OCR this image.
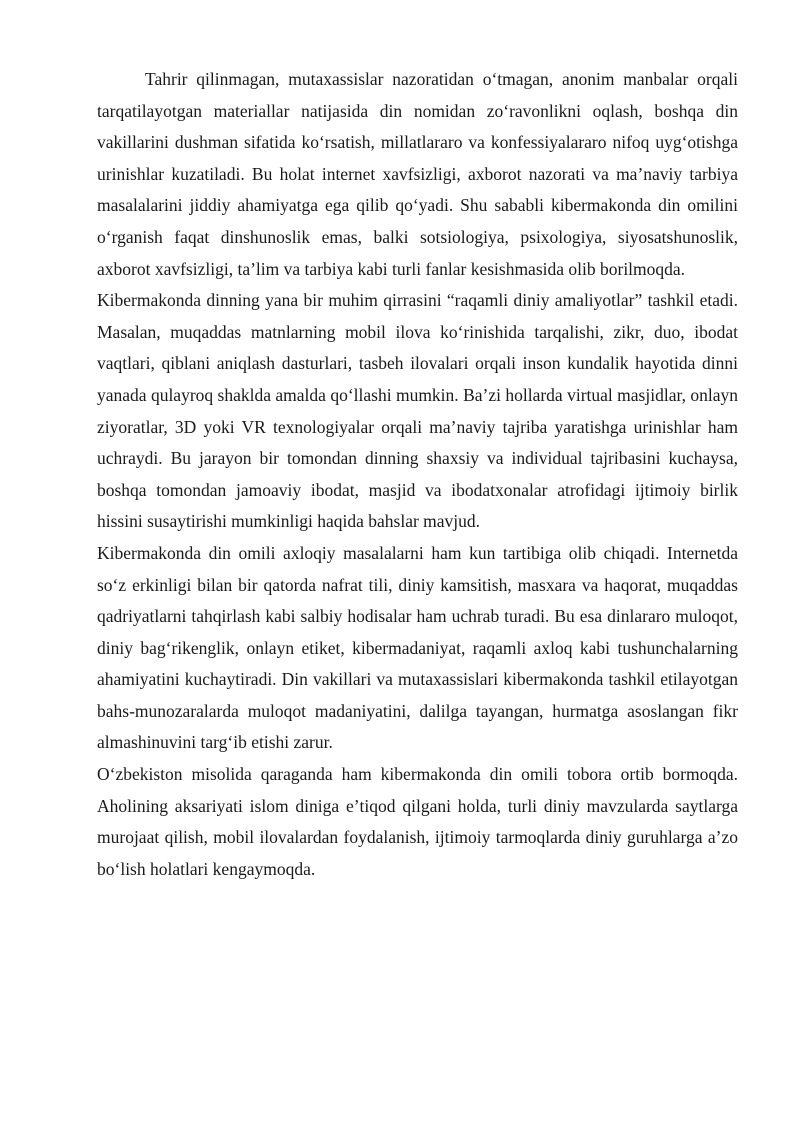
Tahrir qilinmagan, mutaxassislar nazoratidan oʻtmagan, anonim manbalar orqali tarqatilayotgan materiallar natijasida din nomidan zoʻravonlikni oqlash, boshqa din vakillarini dushman sifatida koʻrsatish, millatlararo va konfessiyalararo nifoq uygʻotishga urinishlar kuzatiladi. Bu holat internet xavfsizligi, axborot nazorati va maʼnaviy tarbiya masalalarini jiddiy ahamiyatga ega qilib qoʻyadi. Shu sababli kibermakonda din omilini oʻrganish faqat dinshunoslik emas, balki sotsiologiya, psixologiya, siyosatshunoslik, axborot xavfsizligi, taʼlim va tarbiya kabi turli fanlar kesishmasida olib borilmoqda.

Kibermakonda dinning yana bir muhim qirrasini “raqamli diniy amaliyotlar” tashkil etadi. Masalan, muqaddas matnlarning mobil ilova koʻrinishida tarqalishi, zikr, duo, ibodat vaqtlari, qiblani aniqlash dasturlari, tasbeh ilovalari orqali inson kundalik hayotida dinni yanada qulayroq shaklda amalda qoʻllashi mumkin. Baʼzi hollarda virtual masjidlar, onlayn ziyoratlar, 3D yoki VR texnologiyalar orqali maʼnaviy tajriba yaratishga urinishlar ham uchraydi. Bu jarayon bir tomondan dinning shaxsiy va individual tajribasini kuchaysa, boshqa tomondan jamoaviy ibodat, masjid va ibodatxonalar atrofidagi ijtimoiy birlik hissini susaytirishi mumkinligi haqida bahslar mavjud.

Kibermakonda din omili axloqiy masalalarni ham kun tartibiga olib chiqadi. Internetda soʻz erkinligi bilan bir qatorda nafrat tili, diniy kamsitish, masxara va haqorat, muqaddas qadriyatlarni tahqirlash kabi salbiy hodisalar ham uchrab turadi. Bu esa dinlararo muloqot, diniy bagʻrikenglik, onlayn etiket, kibermadaniyat, raqamli axloq kabi tushunchalarning ahamiyatini kuchaytiradi. Din vakillari va mutaxassislari kibermakonda tashkil etilayotgan bahs-munozaralarda muloqot madaniyatini, dalilga tayangan, hurmatga asoslangan fikr almashinuvini targʻib etishi zarur.

Oʻzbekiston misolida qaraganda ham kibermakonda din omili tobora ortib bormoqda. Aholining aksariyati islom diniga eʼtiqod qilgani holda, turli diniy mavzularda saytlarga murojaat qilish, mobil ilovalardan foydalanish, ijtimoiy tarmoqlarda diniy guruhlarga aʼzo boʻlish holatlari kengaymoqda.
